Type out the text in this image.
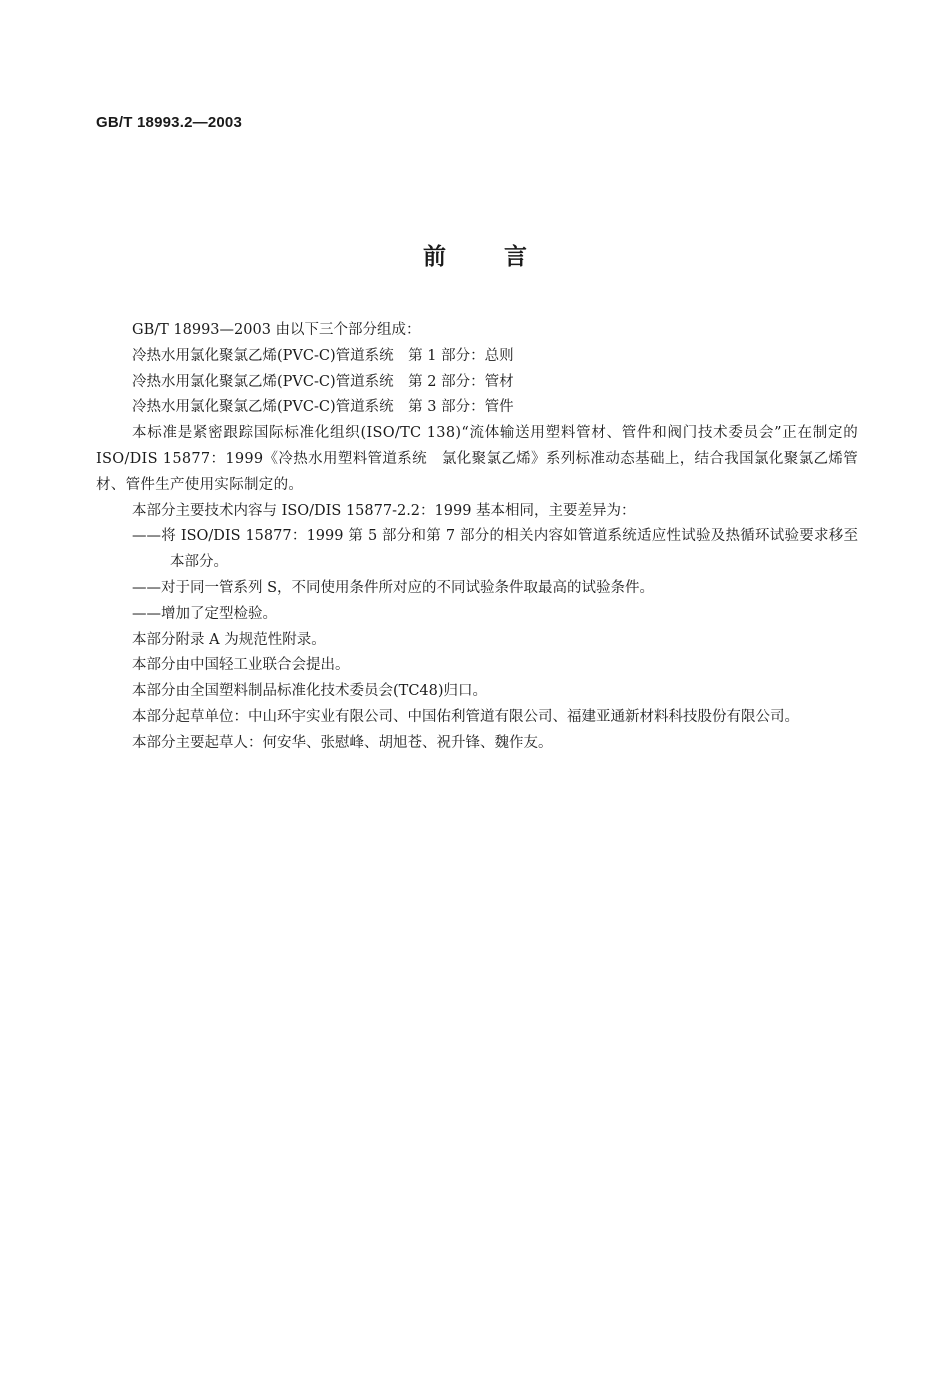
GB/T 18993.2—2003
前言

GB/T 18993—2003 由以下三个部分组成：

冷热水用氯化聚氯乙烯(PVC-C)管道系统　第 1 部分：总则

冷热水用氯化聚氯乙烯(PVC-C)管道系统　第 2 部分：管材

冷热水用氯化聚氯乙烯(PVC-C)管道系统　第 3 部分：管件

本标准是紧密跟踪国际标准化组织(ISO/TC 138)“流体输送用塑料管材、管件和阀门技术委员会”正在制定的 ISO/DIS 15877：1999《冷热水用塑料管道系统　氯化聚氯乙烯》系列标准动态基础上，结合我国氯化聚氯乙烯管材、管件生产使用实际制定的。

本部分主要技术内容与 ISO/DIS 15877-2.2：1999 基本相同，主要差异为：

——将 ISO/DIS 15877：1999 第 5 部分和第 7 部分的相关内容如管道系统适应性试验及热循环试验要求移至本部分。

——对于同一管系列 S，不同使用条件所对应的不同试验条件取最高的试验条件。

——增加了定型检验。

本部分附录 A 为规范性附录。

本部分由中国轻工业联合会提出。

本部分由全国塑料制品标准化技术委员会(TC48)归口。

本部分起草单位：中山环宇实业有限公司、中国佑利管道有限公司、福建亚通新材料科技股份有限公司。

本部分主要起草人：何安华、张慰峰、胡旭苍、祝升锋、魏作友。
